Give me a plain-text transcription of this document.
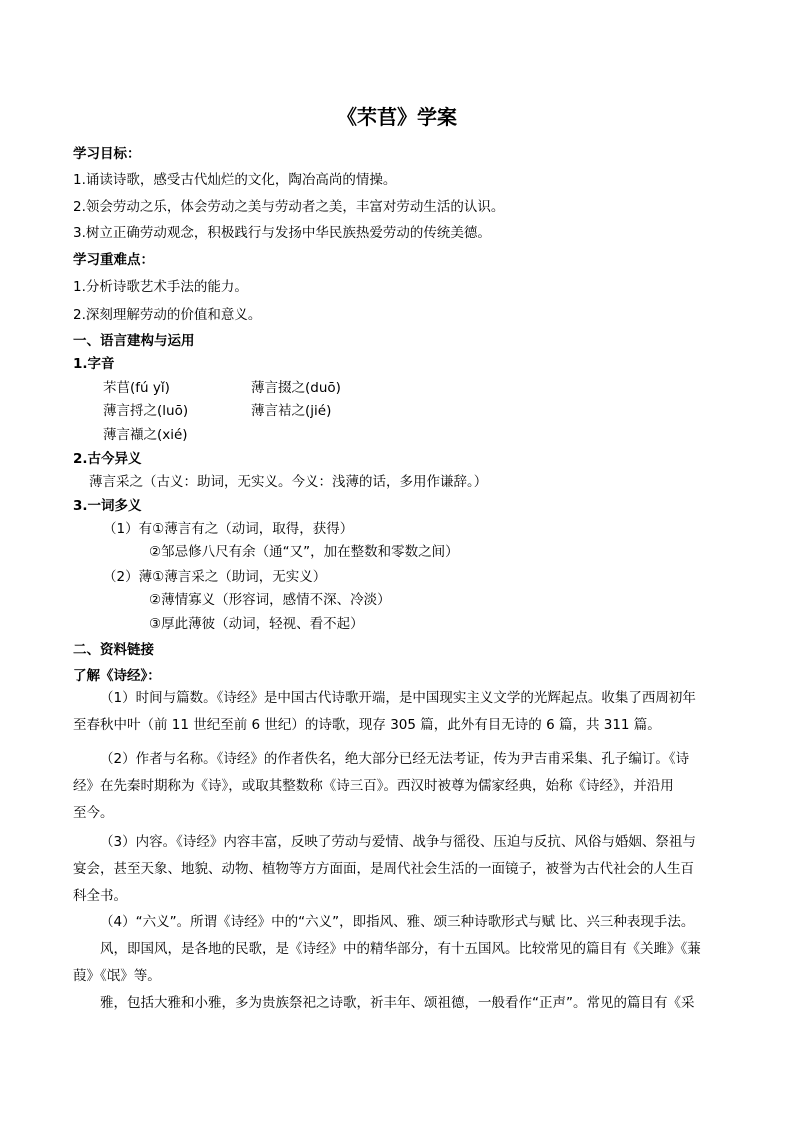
《芣苢》学案
学习目标：
1.诵读诗歌，感受古代灿烂的文化，陶冶高尚的情操。
2.领会劳动之乐，体会劳动之美与劳动者之美，丰富对劳动生活的认识。
3.树立正确劳动观念，积极践行与发扬中华民族热爱劳动的传统美德。
学习重难点：
1.分析诗歌艺术手法的能力。
2.深刻理解劳动的价值和意义。
一、语言建构与运用
1.字音
芣苢(fú yǐ)	薄言掇之(duō)
薄言捋之(luō)	薄言袺之(jié)
薄言襭之(xié)
2.古今异义
薄言采之（古义：助词，无实义。今义：浅薄的话，多用作谦辞。）
3.一词多义
（1）有①薄言有之（动词，取得，获得）
②邹忌修八尺有余（通“又”，加在整数和零数之间）
（2）薄①薄言采之（助词，无实义）
②薄情寡义（形容词，感情不深、冷淡）
③厚此薄彼（动词，轻视、看不起）
二、资料链接
了解《诗经》：
（1）时间与篇数。《诗经》是中国古代诗歌开端，是中国现实主义文学的光辉起点。收集了西周初年
至春秋中叶（前 11 世纪至前 6 世纪）的诗歌，现存 305 篇，此外有目无诗的 6 篇，共 311 篇。
（2）作者与名称。《诗经》的作者佚名，绝大部分已经无法考证，传为尹吉甫采集、孔子编订。《诗
经》在先秦时期称为《诗》，或取其整数称《诗三百》。西汉时被尊为儒家经典，始称《诗经》，并沿用
至今。
（3）内容。《诗经》内容丰富，反映了劳动与爱情、战争与徭役、压迫与反抗、风俗与婚姻、祭祖与
宴会，甚至天象、地貌、动物、植物等方方面面，是周代社会生活的一面镜子，被誉为古代社会的人生百
科全书。
（4）“六义”。所谓《诗经》中的“六义”，即指风、雅、颂三种诗歌形式与赋 比、兴三种表现手法。
风，即国风，是各地的民歌，是《诗经》中的精华部分，有十五国风。比较常见的篇目有《关雎》《蒹
葭》《氓》等。
雅，包括大雅和小雅，多为贵族祭祀之诗歌，祈丰年、颂祖德，一般看作“正声”。常见的篇目有《采
